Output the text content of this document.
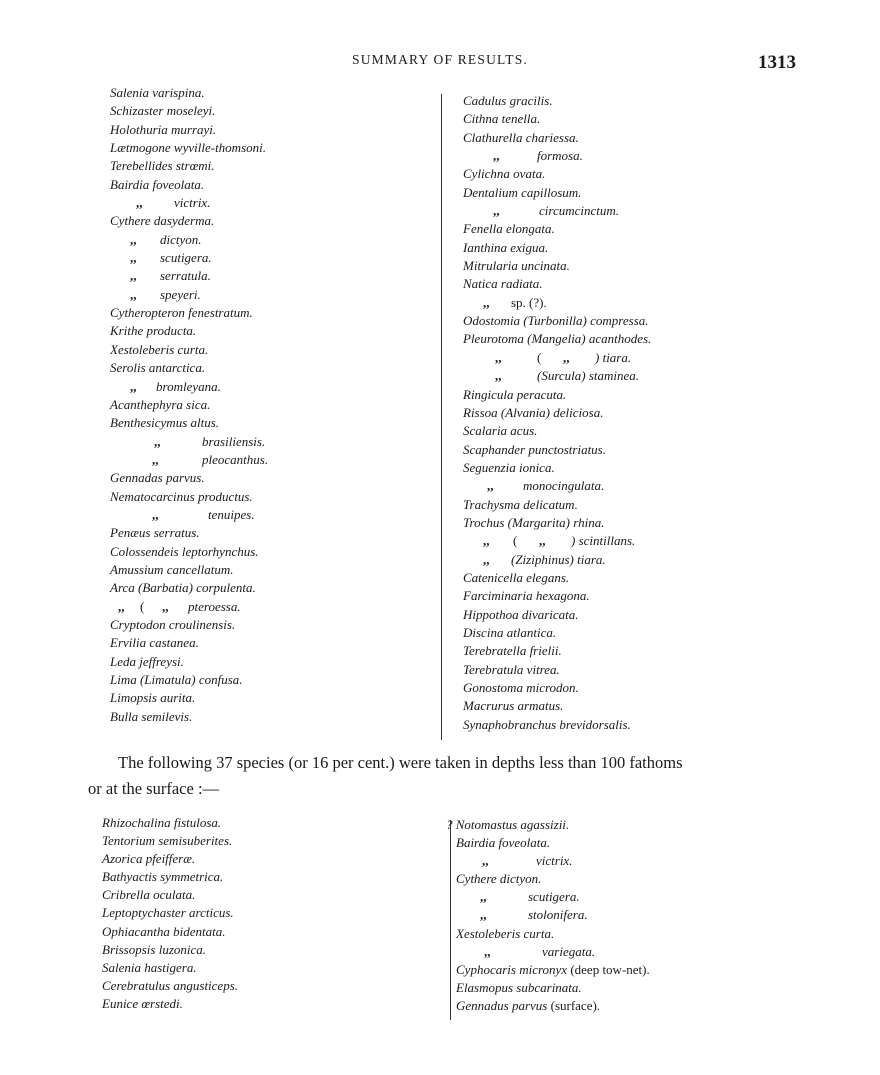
SUMMARY OF RESULTS.	1313
Salenia varispina.
Schizaster moseleyi.
Holothuria murrayi.
Lætmogone wyville-thomsoni.
Terebellides strœmi.
Bairdia foveolata.
,, victrix.
Cythere dasyderma.
,, dictyon.
,, scutigera.
,, serratula.
,, speyeri.
Cytheropteron fenestratum.
Krithe producta.
Xestoleberis curta.
Serolis antarctica.
,, bromleyana.
Acanthephyra sica.
Benthesicymus altus.
,,	brasiliensis.
,,	pleocanthus.
Gennadas parvus.
Nematocarcinus productus.
,,	tenuipes.
Penæus serratus.
Colossendeis leptorhynchus.
Amussium cancellatum.
Arca (Barbatia) corpulenta.
,, ( ,, pteroessa.
Cryptodon croulinensis.
Ervilia castanea.
Leda jeffreysi.
Lima (Limatula) confusa.
Limopsis aurita.
Bulla semilevis.
Cadulus gracilis.
Cithna tenella.
Clathurella chariessa.
,,	formosa.
Cylichna ovata.
Dentalium capillosum.
,,	circumcinctum.
Fenella elongata.
Ianthina exigua.
Mitrularia uncinata.
Natica radiata.
,, sp. (?).
Odostomia (Turbonilla) compressa.
Pleurotoma (Mangelia) acanthodes.
,,	( ,, ) tiara.
,,	(Surcula) staminea.
Ringicula peracuta.
Rissoa (Alvania) deliciosa.
Scalaria acus.
Scaphander punctostriatus.
Seguenzia ionica.
,, monocingulata.
Trachysma delicatum.
Trochus (Margarita) rhina.
,, ( ,, ) scintillans.
,, (Ziziphinus) tiara.
Catenicella elegans.
Farciminaria hexagona.
Hippothoa divaricata.
Discina atlantica.
Terebratella frielii.
Terebratula vitrea.
Gonostoma microdon.
Macrurus armatus.
Synaphobranchus brevidorsalis.
The following 37 species (or 16 per cent.) were taken in depths less than 100 fathoms
or at the surface :—
Rhizochalina fistulosa.
Tentorium semisuberites.
Azorica pfeifferæ.
Bathyactis symmetrica.
Cribrella oculata.
Leptoptychaster arcticus.
Ophiacantha bidentata.
Brissopsis luzonica.
Salenia hastigera.
Cerebratulus angusticeps.
Eunice œrstedi.
? Notomastus agassizii.
Bairdia foveolata.
,,	victrix.
Cythere dictyon.
,,	scutigera.
,,	stolonifera.
Xestoleberis curta.
,,	variegata.
Cyphocaris micronyx (deep tow-net).
Elasmopus subcarinata.
Gennadus parvus (surface).
